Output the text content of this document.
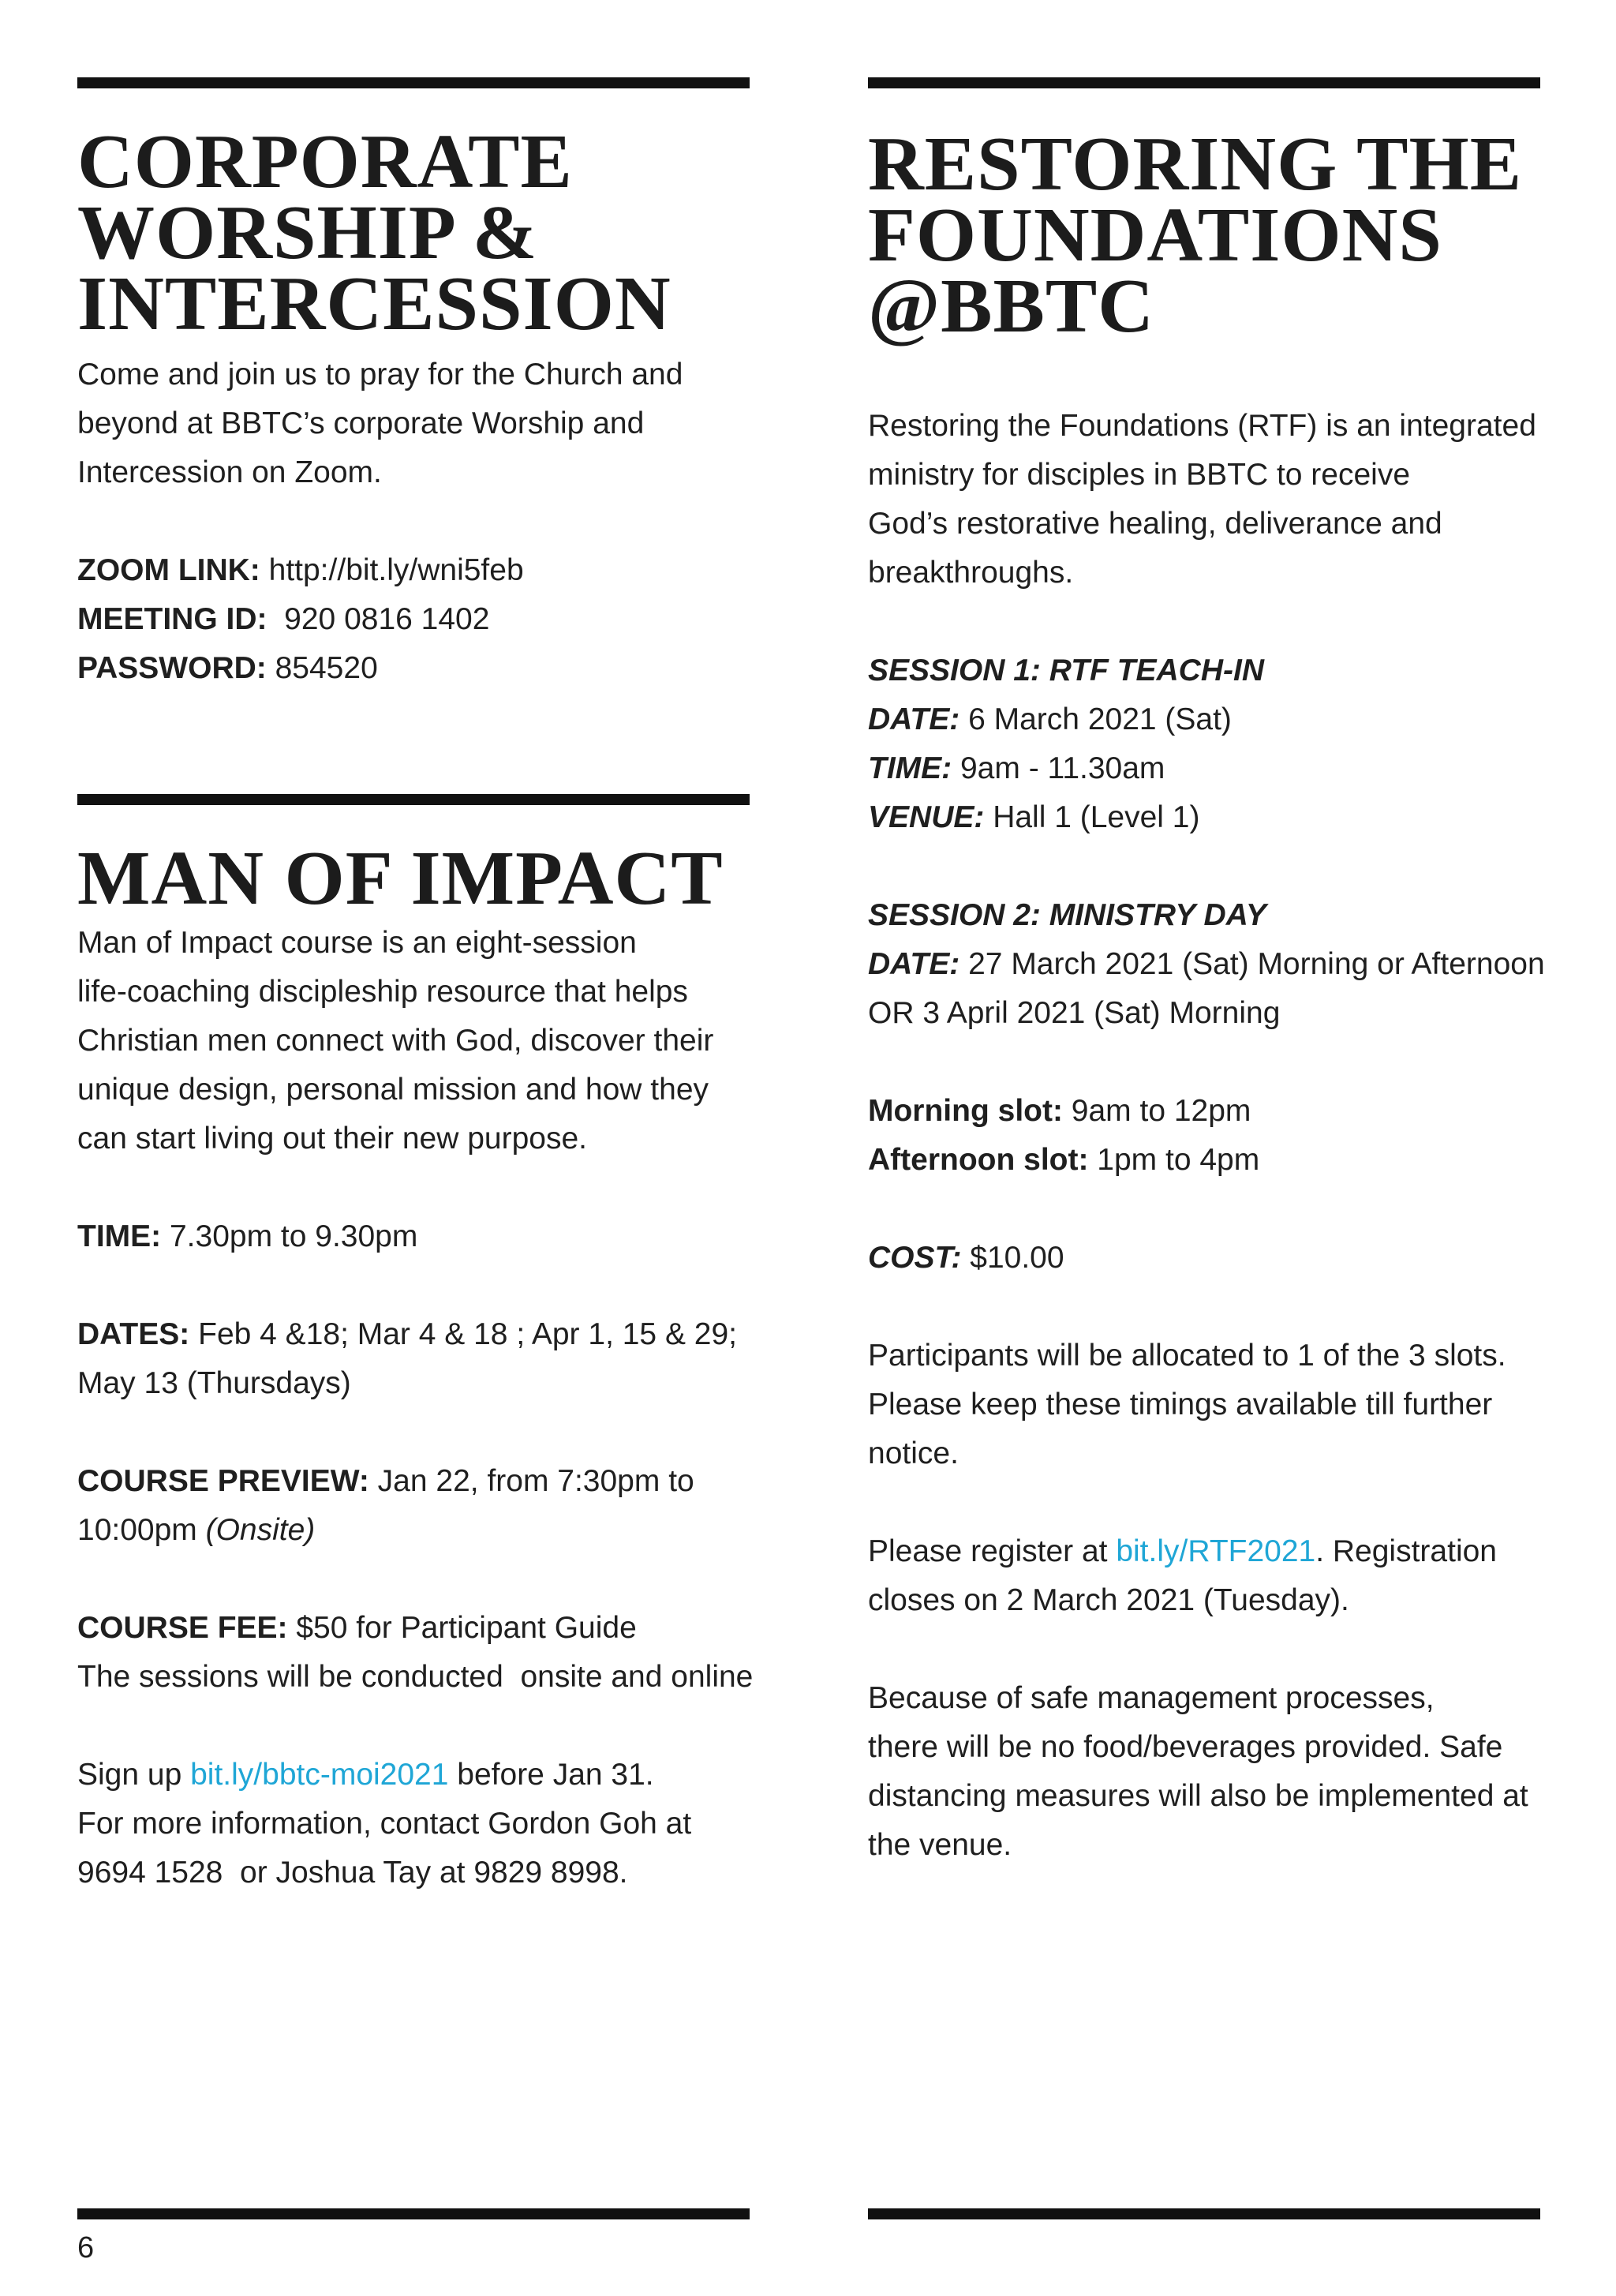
CORPORATE
WORSHIP &
INTERCESSION

Come and join us to pray for the Church and

beyond at BBTC’s corporate Worship and

Intercession on Zoom.

ZOOM LINK: http://bit.ly/wni5feb

MEETING ID:  920 0816 1402

PASSWORD: 854520

MAN OF IMPACT

Man of Impact course is an eight-session

life-coaching discipleship resource that helps

Christian men connect with God, discover their

unique design, personal mission and how they

can start living out their new purpose.

TIME: 7.30pm to 9.30pm

DATES: Feb 4 &18; Mar 4 & 18 ; Apr 1, 15 & 29;

May 13 (Thursdays)

COURSE PREVIEW: Jan 22, from 7:30pm to

10:00pm (Onsite)

COURSE FEE: $50 for Participant Guide

The sessions will be conducted  onsite and online

Sign up bit.ly/bbtc-moi2021 before Jan 31.

For more information, contact Gordon Goh at

9694 1528  or Joshua Tay at 9829 8998.

RESTORING THE
FOUNDATIONS
@BBTC

Restoring the Foundations (RTF) is an integrated

ministry for disciples in BBTC to receive

God’s restorative healing, deliverance and

breakthroughs.

SESSION 1: RTF TEACH-IN

DATE: 6 March 2021 (Sat)

TIME: 9am - 11.30am

VENUE: Hall 1 (Level 1)

SESSION 2: MINISTRY DAY

DATE: 27 March 2021 (Sat) Morning or Afternoon

OR 3 April 2021 (Sat) Morning

Morning slot: 9am to 12pm

Afternoon slot: 1pm to 4pm

COST: $10.00

Participants will be allocated to 1 of the 3 slots.

Please keep these timings available till further

notice.

Please register at bit.ly/RTF2021. Registration

closes on 2 March 2021 (Tuesday).

Because of safe management processes,

there will be no food/beverages provided. Safe

distancing measures will also be implemented at

the venue.

6
